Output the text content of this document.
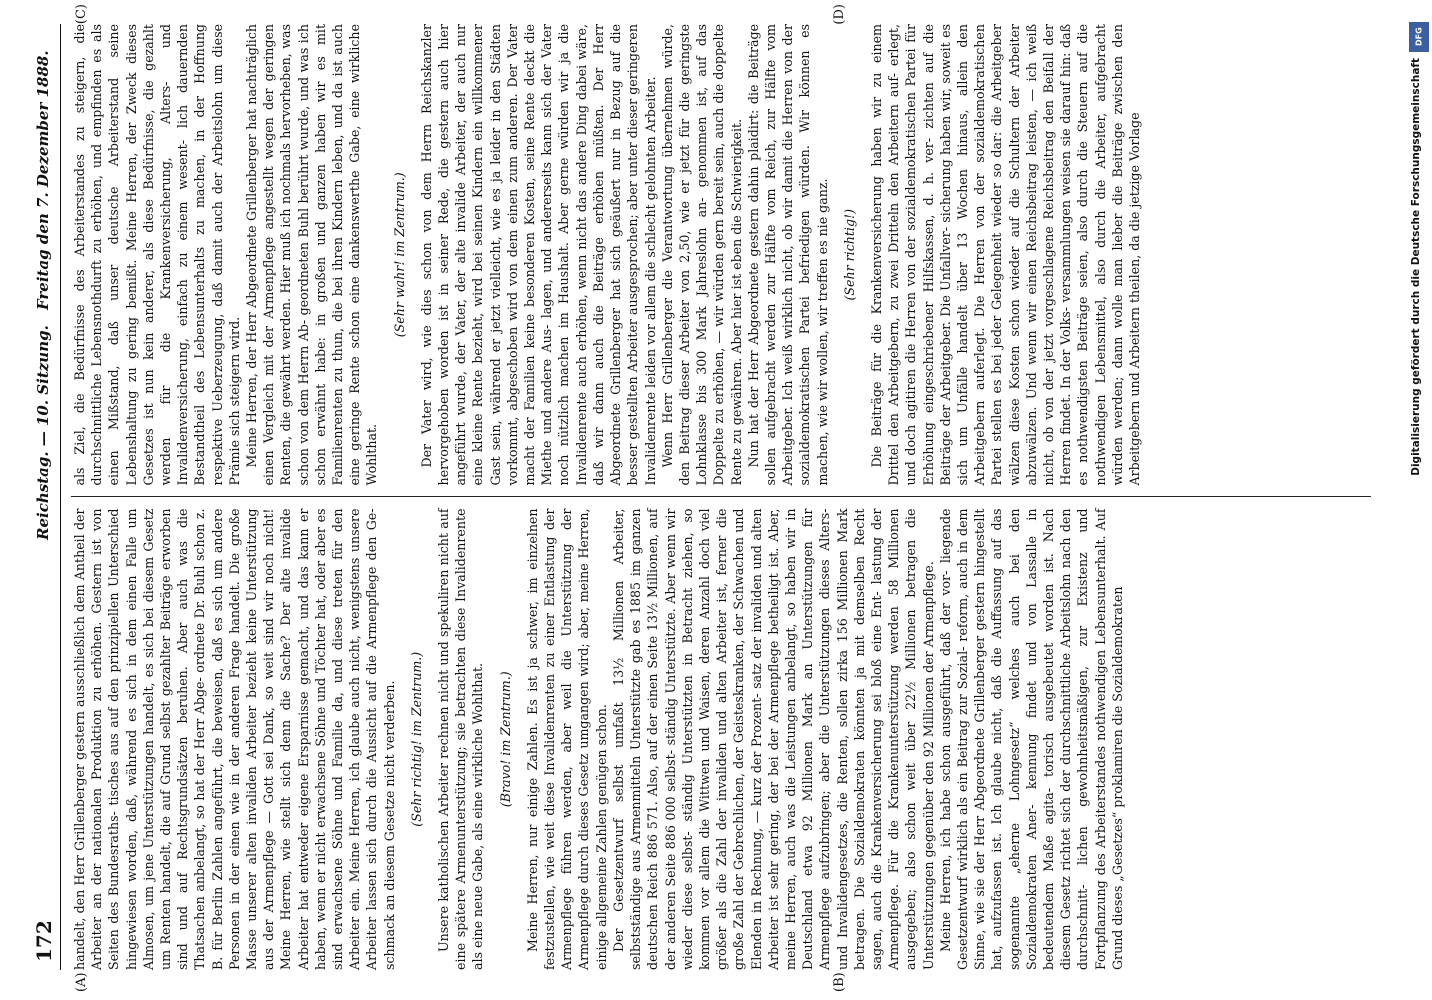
172
Reichstag. — 10. Sitzung.
Freitag den 7. Dezember 1888.
(A)	(B)

handelt, den Herr Grillenberger gestern ausschließlich dem Antheil der Arbeiter an der nationalen Produktion zu erhöhen. Gestern ist von Seiten des Bundesraths- tisches aus auf den prinzipiellen Unterschied hingewiesen worden, daß, während es sich in dem einen Falle um Almosen, um jene Unterstützungen handelt, es sich bei diesem Gesetz um Renten handelt, die auf Grund selbst gezahlter Beiträge erworben sind und auf Rechtsgrundsätzen beruhen. Aber auch was die Thatsachen anbelangt, so hat der Herr Abge- ordnete Dr. Buhl schon z. B. für Berlin Zahlen angeführt, die beweisen, daß es sich um andere Personen in der einen wie in der anderen Frage handelt. Die große Masse unserer alten invaliden Arbeiter bezieht keine Unterstützung aus der Armenpflege — Gott sei Dank, so weit sind wir noch nicht! Meine Herren, wie stellt sich denn die Sache? Der alte invalide Arbeiter hat entweder eigene Ersparnisse gemacht, und das kann er haben, wenn er nicht erwachsene Söhne und Töchter hat, oder aber es sind erwachsene Söhne und Familie da, und diese treten für den Arbeiter ein. Meine Herren, ich glaube auch nicht, wenigstens unsere Arbeiter lassen sich durch die Aussicht auf die Armenpflege den Ge- schmack an diesem Gesetze nicht verderben. (Sehr richtig! im Zentrum.) Unsere katholischen Arbeiter rechnen nicht und spekuliren nicht auf eine spätere Armenunterstützung; sie betrachten diese Invalidenrente als eine neue Gabe, als eine wirkliche Wohlthat. (Bravo! im Zentrum.) Meine Herren, nur einige Zahlen. Es ist ja schwer, im einzelnen festzustellen, wie weit diese Invalidenrenten zu einer Entlastung der Armenpflege führen werden, aber weil die Unterstützung der Armenpflege durch dieses Gesetz umgangen wird; aber, meine Herren, einige allgemeine Zahlen genügen schon. Der Gesetzentwurf selbst umfaßt 13½ Millionen Arbeiter, selbstständige aus Armenmitteln Unterstützte gab es 1885 im ganzen deutschen Reich 886 571. Also, auf der einen Seite 13½ Millionen, auf der anderen Seite 886 000 selbst- ständig Unterstützte. Aber wenn wir wieder diese selbst- ständig Unterstützten in Betracht ziehen, so kommen vor allem die Wittwen und Waisen, deren Anzahl doch viel größer als die Zahl der invaliden und alten Arbeiter ist, ferner die große Zahl der Gebrechlichen, der Geisteskranken, der Schwachen und Elenden in Rechnung, — kurz der Prozent- satz der invaliden und alten Arbeiter ist sehr gering, der bei der Armenpflege betheiligt ist. Aber, meine Herren, auch was die Leistungen anbelangt, so haben wir in Deutschland etwa 92 Millionen Mark an Unterstützungen für Armenpflege aufzubringen; aber die Unterstützungen dieses Alters- und Invalidengesetzes, die Renten, sollen zirka 156 Millionen Mark betragen. Die Sozialdemokraten könnten ja mit demselben Recht sagen, auch die Krankenversicherung sei bloß eine Ent- lastung der Armenpflege. Für die Krankenunterstützung werden 58 Millionen ausgegeben; also schon weit über 22½ Millionen betragen die Unterstützungen gegenüber den 92 Millionen der Armenpflege. Meine Herren, ich habe schon ausgeführt, daß der vor- liegende Gesetzentwurf wirklich als ein Beitrag zur Sozial- reform, auch in dem Sinne, wie sie der Herr Abgeordnete Grillenberger gestern hingestellt hat, aufzufassen ist. Ich glaube nicht, daß die Auffassung auf das sogenannte „eherne Lohngesetz“ welches auch bei den Sozialdemokraten Aner- kennung findet und von Lassalle in bedeutendem Maße agita- torisch ausgebeutet worden ist. Nach diesem Gesetz richtet sich der durchschnittliche Arbeitslohn nach den durchschnitt- lichen gewohnheitsmäßigen, zur Existenz und Fortpflanzung des Arbeiterstandes nothwendigen Lebensunterhalt. Auf Grund dieses „Gesetzes“ proklamiren die Sozialdemokraten

(C)	(D)

als Ziel, die Bedürfnisse des Arbeiterstandes zu steigern, die durchschnittliche Lebensnothdurft zu erhöhen, und empfinden es als einen Mißstand, daß unser deutsche Arbeiterstand seine Lebenshaltung zu gering bemißt. Meine Herren, der Zweck dieses Gesetzes ist nun kein anderer, als diese Bedürfnisse, die gezahlt werden für die Krankenversicherung, Alters- und Invalidenversicherung, einfach zu einem wesent- lich dauernden Bestandtheil des Lebensunterhalts zu machen, in der Hoffnung respektive Ueberzeugung, daß damit auch der Arbeitslohn um diese Prämie sich steigern wird. Meine Herren, der Herr Abgeordnete Grillenberger hat nachträglich einen Vergleich mit der Armenpflege angestellt wegen der geringen Renten, die gewährt werden. Hier muß ich nochmals hervorheben, was schon von dem Herrn Ab- geordneten Buhl berührt wurde, und was ich schon erwähnt habe: in großen und ganzen haben wir es mit Familienrenten zu thun, die bei ihren Kindern leben, und da ist auch eine geringe Rente schon eine dankenswerthe Gabe, eine wirkliche Wohlthat.

(Sehr wahr! im Zentrum.) Der Vater wird, wie dies schon von dem Herrn Reichskanzler hervorgehoben worden ist in seiner Rede, die gestern auch hier angeführt wurde, der Vater, der alte invalide Arbeiter, der auch nur eine kleine Rente bezieht, wird bei seinen Kindern ein willkommener Gast sein, während er jetzt vielleicht, wie es ja leider in den Städten vorkommt, abgeschoben wird von dem einen zum anderen. Der Vater macht der Familien keine besonderen Kosten, seine Rente deckt die Miethe und andere Aus- lagen, und andererseits kann sich der Vater noch nützlich machen im Haushalt. Aber gerne würden wir ja die Invalidenrente auch erhöhen, wenn nicht das andere Ding dabei wäre, daß wir dann auch die Beiträge erhöhen müßten. Der Herr Abgeordnete Grillenberger hat sich geäußert nur in Bezug auf die besser gestellten Arbeiter ausgesprochen; aber unter dieser geringeren Invalidenrente leiden vor allem die schlecht gelohnten Arbeiter. Wenn Herr Grillenberger die Verantwortung übernehmen würde, den Beitrag dieser Arbeiter von 2,50, wie er jetzt für die geringste Lohnklasse bis 300 Mark Jahreslohn an- genommen ist, auf das Doppelte zu erhöhen, — wir würden gern bereit sein, auch die doppelte Rente zu gewähren. Aber hier ist eben die Schwierigkeit. Nun hat der Herr Abgeordnete gestern dahin plaidirt: die Beiträge sollen aufgebracht werden zur Hälfte vom Reich, zur Hälfte vom Arbeitgeber. Ich weiß wirklich nicht, ob wir damit die Herren von der sozialdemokratischen Partei befriedigen würden. Wir können es machen, wie wir wollen, wir treffen es nie ganz. (Sehr richtig!) Die Beiträge für die Krankenversicherung haben wir zu einem Drittel den Arbeitgebern, zu zwei Dritteln den Arbeitern auf- erlegt, und doch agitiren die Herren von der sozialdemokratischen Partei für Erhöhung eingeschriebener Hilfskassen, d. h. ver- zichten auf die Beiträge der Arbeitgeber. Die Unfallver- sicherung haben wir, soweit es sich um Unfälle handelt über 13 Wochen hinaus, allein den Arbeitgebern auferlegt. Die Herren von der sozialdemokratischen Partei stellen es bei jeder Gelegenheit wieder so dar: die Arbeitgeber wälzen diese Kosten schon wieder auf die Schultern der Arbeiter abzuwälzen. Und wenn wir einen Reichsbeitrag leisten, — ich weiß nicht, ob von der jetzt vorgeschlagene Reichsbeitrag den Beifall der Herren findet. In der Volks- versammlungen weisen sie darauf hin: daß es nothwendigsten Beiträge seien, also durch die Steuern auf die nothwendigen Lebensmittel, also durch die Arbeiter, aufgebracht würden werden; dann wolle man lieber die Beiträge zwischen den Arbeitgebern und Arbeitern theilen, da die jetzige Vorlage

DFG
Digitalisierung gefördert durch die Deutsche Forschungsgemeinschaft
